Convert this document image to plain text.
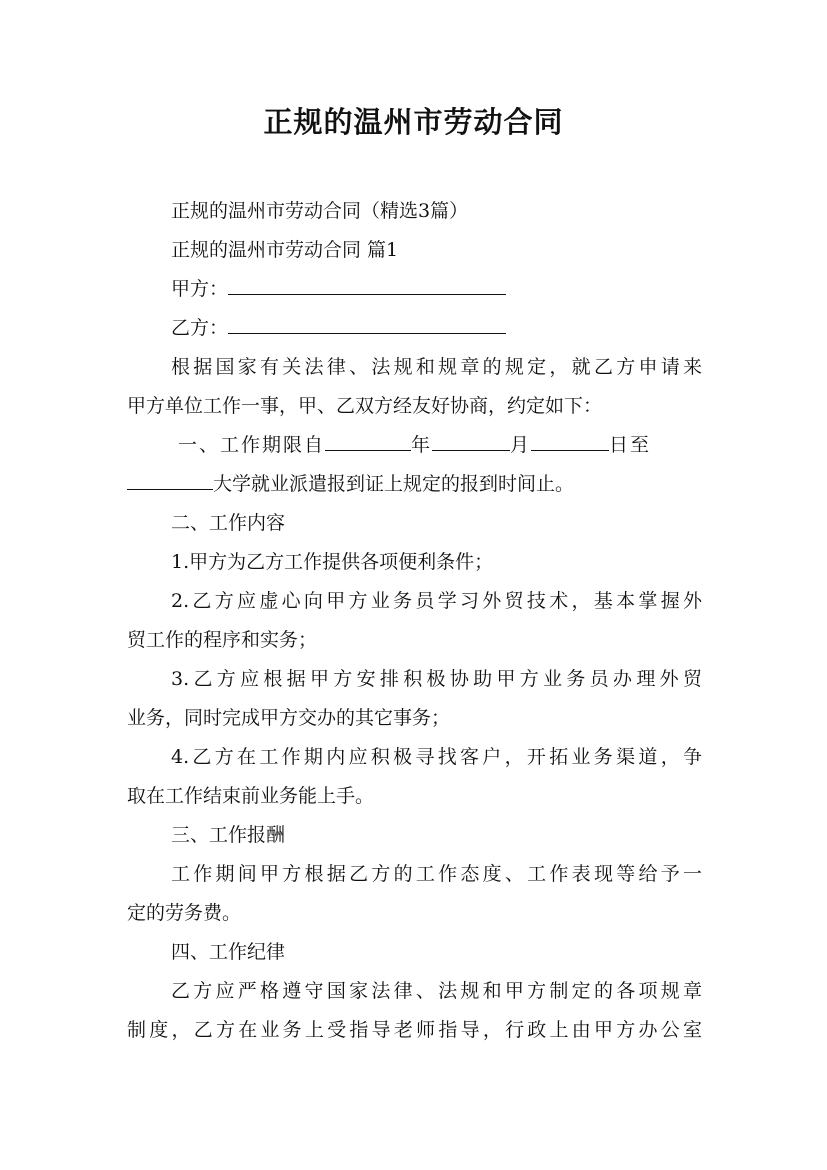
正规的温州市劳动合同
正规的温州市劳动合同（精选3篇）
正规的温州市劳动合同 篇1
甲方：
乙方：
根据国家有关法律、法规和规章的规定，就乙方申请来
甲方单位工作一事，甲、乙双方经友好协商，约定如下：
一、工作期限自	年	月	日至
大学就业派遣报到证上规定的报到时间止。
二、工作内容
1.甲方为乙方工作提供各项便利条件；
2.乙方应虚心向甲方业务员学习外贸技术，基本掌握外
贸工作的程序和实务；
3.乙方应根据甲方安排积极协助甲方业务员办理外贸
业务，同时完成甲方交办的其它事务；
4.乙方在工作期内应积极寻找客户，开拓业务渠道，争
取在工作结束前业务能上手。
三、工作报酬
工作期间甲方根据乙方的工作态度、工作表现等给予一
定的劳务费。
四、工作纪律
乙方应严格遵守国家法律、法规和甲方制定的各项规章
制度，乙方在业务上受指导老师指导，行政上由甲方办公室
